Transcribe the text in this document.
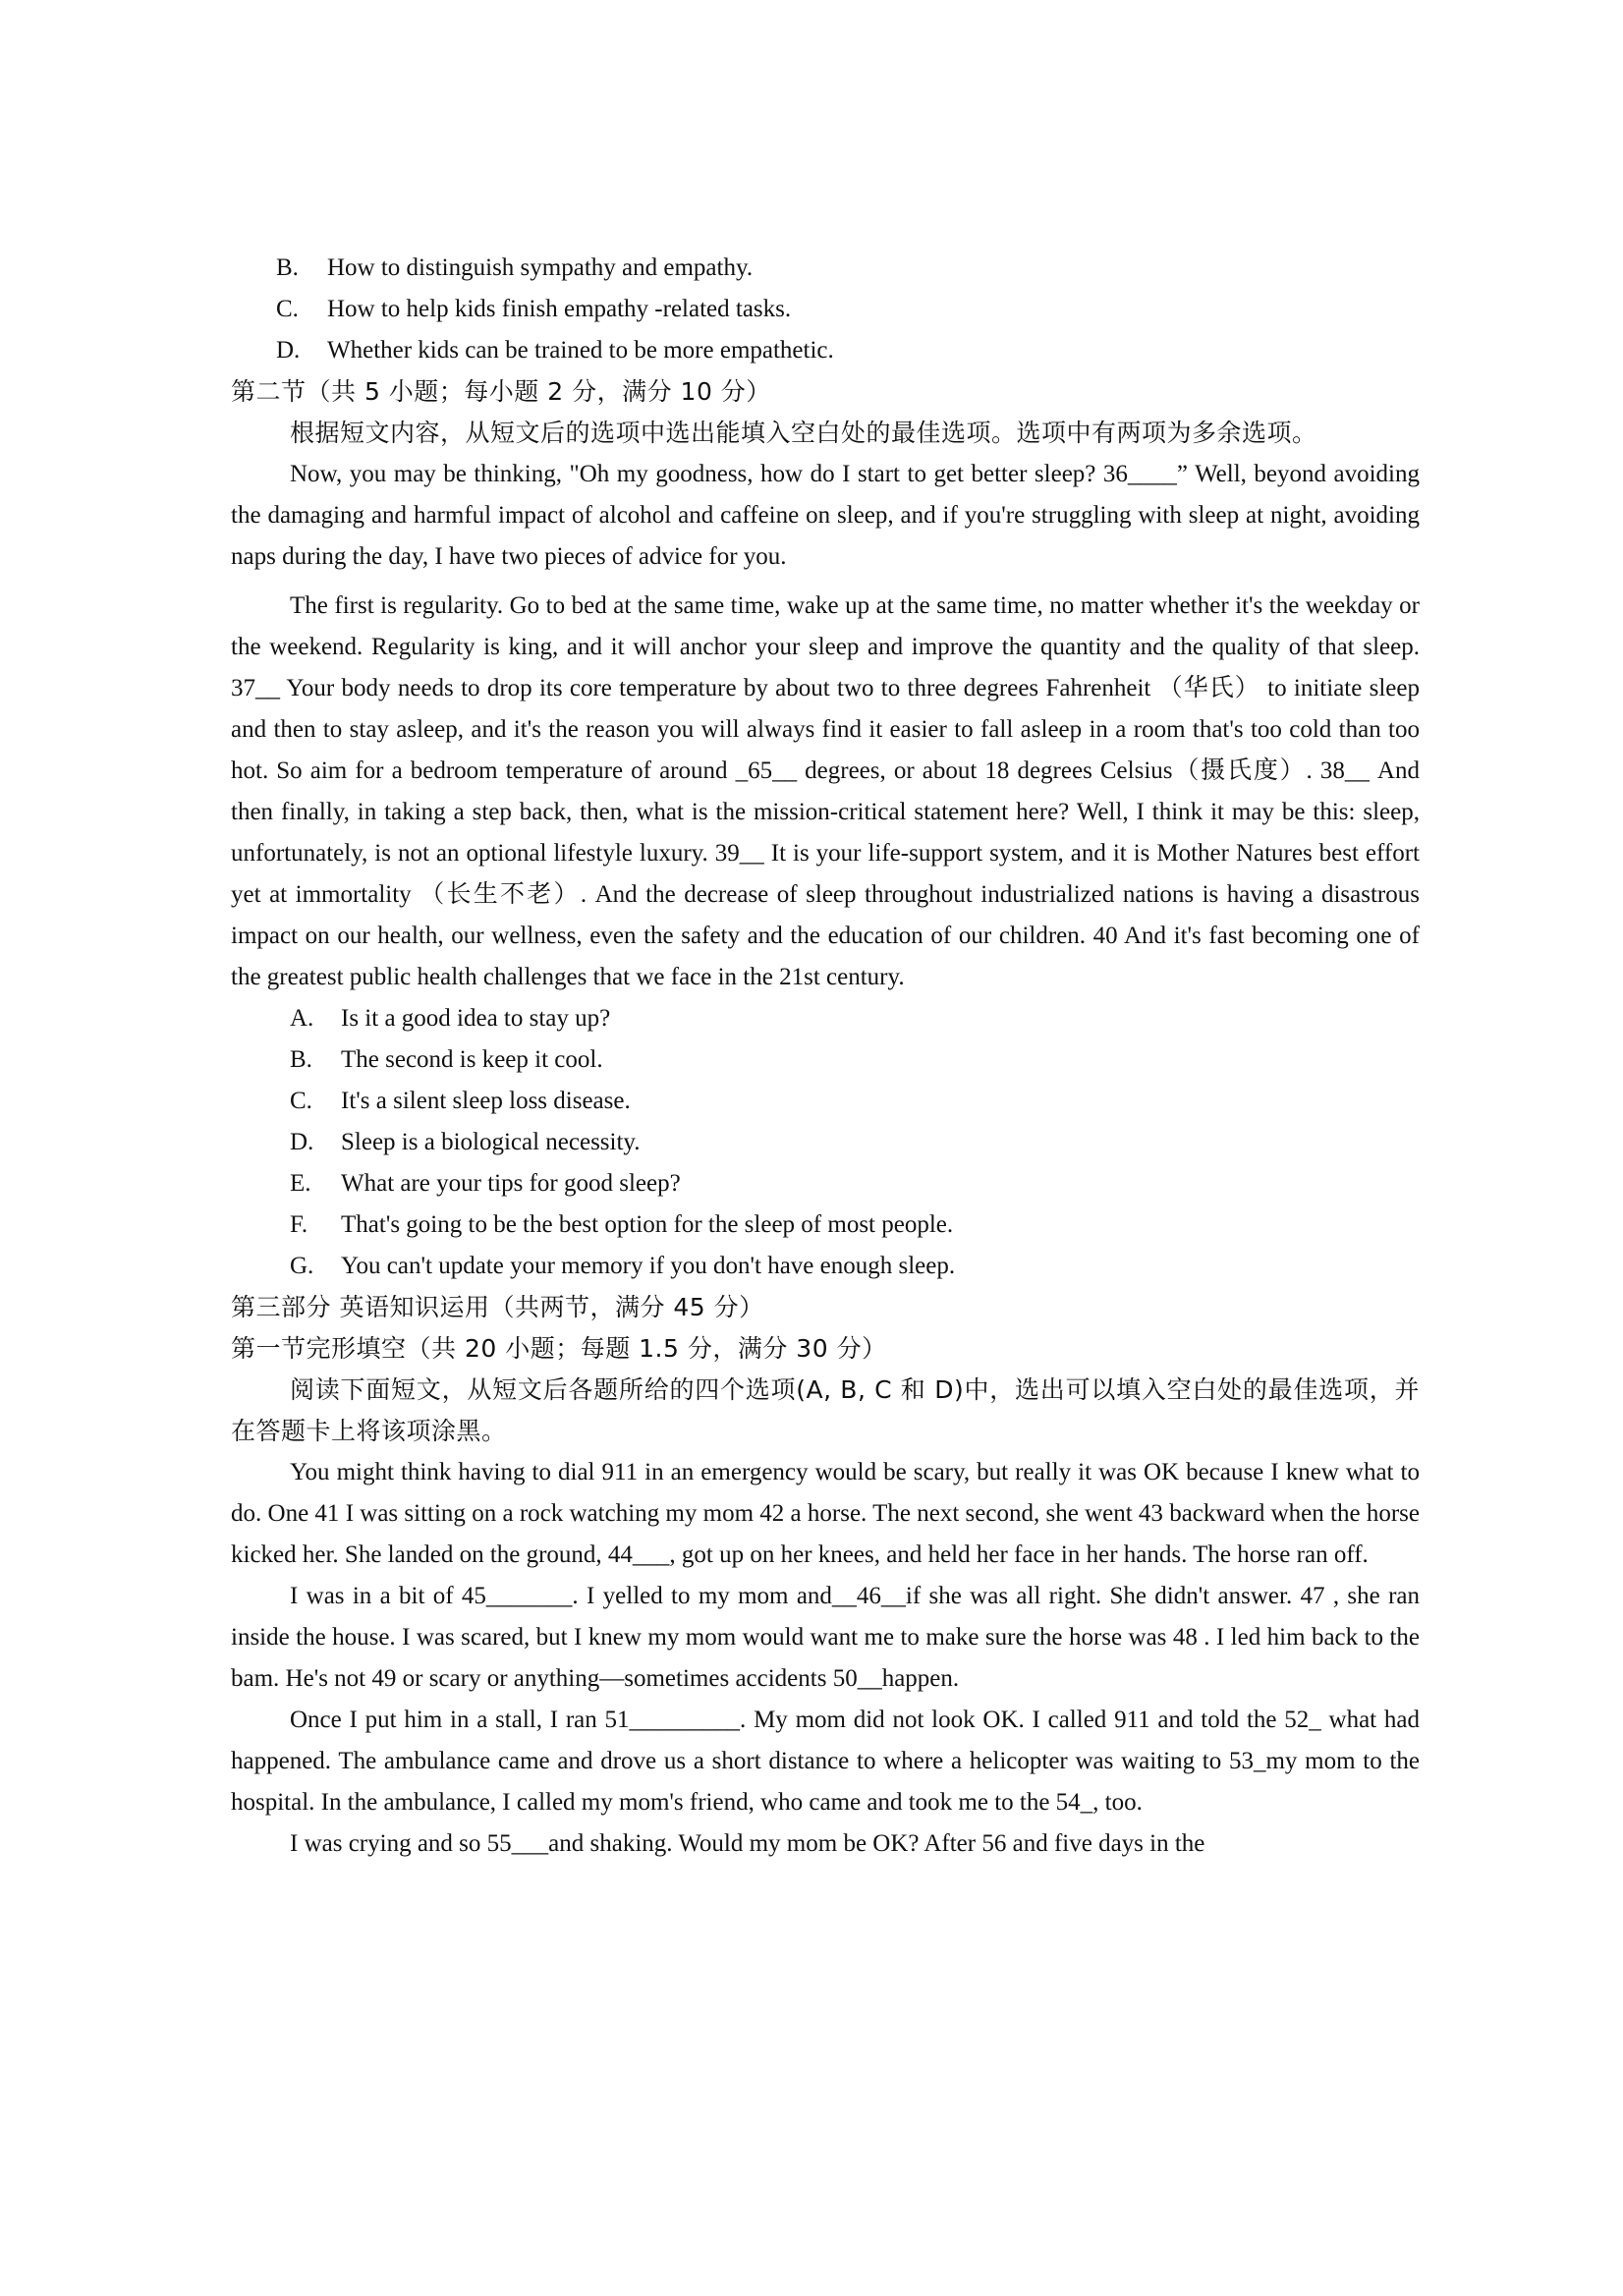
B.	How to distinguish sympathy and empathy.
C.	How to help kids finish empathy -related tasks.
D.	Whether kids can be trained to be more empathetic.

第二节（共 5 小题；每小题 2 分，满分 10 分）

根据短文内容，从短文后的选项中选出能填入空白处的最佳选项。选项中有两项为多余选项。

Now, you may be thinking, "Oh my goodness, how do I start to get better sleep? 36____” Well, beyond avoiding the damaging and harmful impact of alcohol and caffeine on sleep, and if you're struggling with sleep at night, avoiding naps during the day, I have two pieces of advice for you.

The first is regularity. Go to bed at the same time, wake up at the same time, no matter whether it's the weekday or the weekend. Regularity is king, and it will anchor your sleep and improve the quantity and the quality of that sleep. 37__ Your body needs to drop its core temperature by about two to three degrees Fahrenheit （华氏） to initiate sleep and then to stay asleep, and it's the reason you will always find it easier to fall asleep in a room that's too cold than too hot. So aim for a bedroom temperature of around _65__ degrees, or about 18 degrees Celsius（摄氏度）. 38__ And then finally, in taking a step back, then, what is the mission-critical statement here? Well, I think it may be this: sleep, unfortunately, is not an optional lifestyle luxury. 39__ It is your life-support system, and it is Mother Natures best effort yet at immortality （长生不老）. And the decrease of sleep throughout industrialized nations is having a disastrous impact on our health, our wellness, even the safety and the education of our children. 40 And it's fast becoming one of the greatest public health challenges that we face in the 21st century.

A.	Is it a good idea to stay up?
B.	The second is keep it cool.
C.	It's a silent sleep loss disease.
D.	Sleep is a biological necessity.
E.	What are your tips for good sleep?
F.	That's going to be the best option for the sleep of most people.
G.	You can't update your memory if you don't have enough sleep.

第三部分 英语知识运用（共两节，满分 45 分）

第一节完形填空（共 20 小题；每题 1.5 分，满分 30 分）

阅读下面短文，从短文后各题所给的四个选项(A, B, C 和 D)中，选出可以填入空白处的最佳选项，并在答题卡上将该项涂黑。

You might think having to dial 911 in an emergency would be scary, but really it was OK because I knew what to do. One 41 I was sitting on a rock watching my mom 42 a horse. The next second, she went 43 backward when the horse kicked her. She landed on the ground, 44___, got up on her knees, and held her face in her hands. The horse ran off.

I was in a bit of 45_______. I yelled to my mom and__46__if she was all right. She didn't answer. 47 , she ran inside the house. I was scared, but I knew my mom would want me to make sure the horse was 48 . I led him back to the bam. He's not 49 or scary or anything—sometimes accidents 50__happen.

Once I put him in a stall, I ran 51_________. My mom did not look OK. I called 911 and told the 52_ what had happened. The ambulance came and drove us a short distance to where a helicopter was waiting to 53_my mom to the hospital. In the ambulance, I called my mom's friend, who came and took me to the 54_, too.

I was crying and so 55___and shaking. Would my mom be OK? After 56 and five days in the
